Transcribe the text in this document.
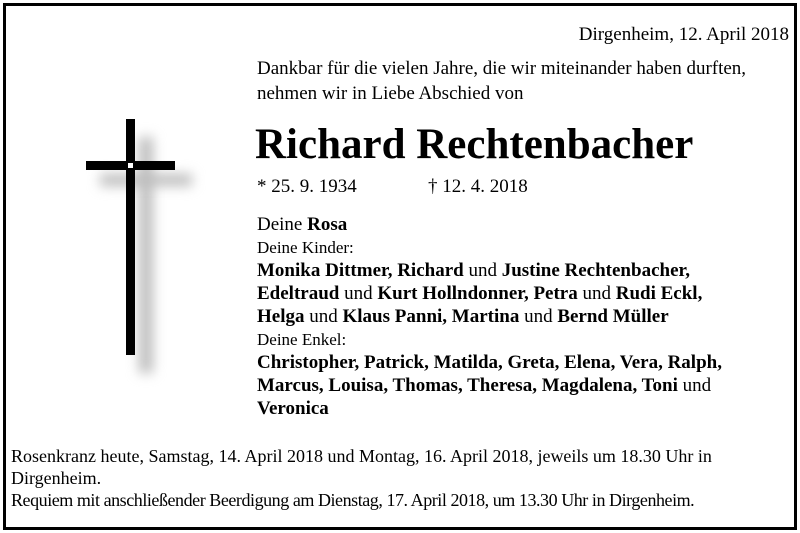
Dirgenheim, 12. April 2018
Dankbar für die vielen Jahre, die wir miteinander haben durften,
nehmen wir in Liebe Abschied von
Richard Rechtenbacher
* 25. 9. 1934	† 12. 4. 2018
Deine Rosa
Deine Kinder:
Monika Dittmer, Richard und Justine Rechtenbacher,
Edeltraud und Kurt Hollndonner, Petra und Rudi Eckl,
Helga und Klaus Panni, Martina und Bernd Müller
Deine Enkel:
Christopher, Patrick, Matilda, Greta, Elena, Vera, Ralph,
Marcus, Louisa, Thomas, Theresa, Magdalena, Toni und
Veronica

Rosenkranz heute, Samstag, 14. April 2018 und Montag, 16. April 2018, jeweils um 18.30 Uhr in Dirgenheim.

Requiem mit anschließender Beerdigung am Dienstag, 17. April 2018, um 13.30 Uhr in Dirgenheim.
